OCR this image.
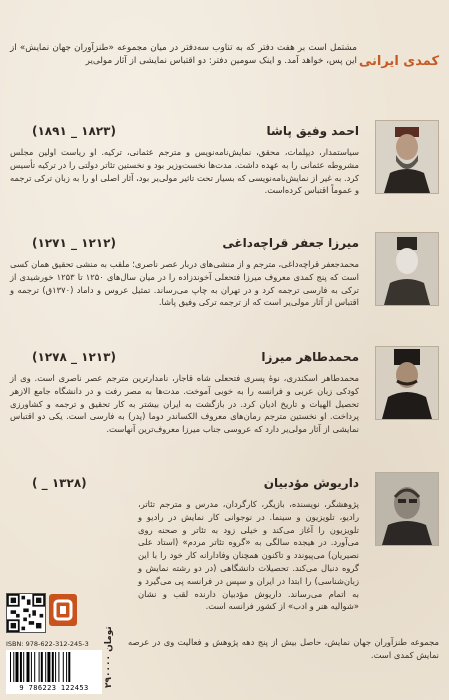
کمدی ایرانی
مشتمل است بر هفت دفتر که به تناوب سه‌دفتر در میان مجموعه «طنزآوران جهان نمایش» از این پس، خواهد آمد. و اینک سومین دفتر: دو اقتباس نمایشی از آثار مولی‌یر
احمد وفیق پاشا
(۱۸۲۳ _ ۱۸۹۱)
سیاستمدار، دیپلمات، محقق، نمایش‌نامه‌نویس و مترجم عثمانی، ترکیه. او ریاست اولین مجلس مشروطه عثمانی را به عهده داشت. مدت‌ها نخست‌وزیر بود و نخستین تئاتر دولتی را در ترکیه تأسیس کرد. به غیر از نمایش‌نامه‌نویسی که بسیار تحت تاثیر مولی‌یر بود، آثار اصلی او را به زبان ترکی ترجمه و عموماً اقتباس کرده‌است.
میرزا جعفر قراچه‌داغی
(۱۲۱۲ _ ۱۲۷۱)
محمدجعفر قراچه‌داغی، مترجم و از منشی‌های دربار عصر ناصری؛ ملقب به منشی تحقیق همان کسی است که پنج کمدی معروف میرزا فتحعلی آخوندزاده را در میان سال‌های ۱۲۵۰ تا ۱۲۵۳ خورشیدی از ترکی به فارسی ترجمه کرد و در تهران به چاپ می‌رساند. تمثیل عروس و داماد (۱۳۷۰ق) ترجمه و اقتباس از آثار مولی‌یر است که از ترجمه ترکی وفیق پاشا.
محمدطاهر میرزا
(۱۲۱۳ _ ۱۲۷۸)
محمدطاهر اسکندری، نوهٔ پسری فتحعلی شاه قاجار، نامدارترین مترجم عصر ناصری است. وی از کودکی زبان عربی و فرانسه را به خوبی آموخت. مدت‌ها به مصر رفت و در دانشگاه جامع الازهر تحصیل الهیات و تاریخ ادیان کرد. در بازگشت به ایران بیشتر به کار تحقیق و ترجمه و کشاورزی پرداخت. او نخستین مترجم رمان‌های معروف الکساندر دوما (پدر) به فارسی است. یکی دو اقتباس نمایشی از آثار مولی‌یر دارد که عروسی جناب میرزا معروف‌ترین آنهاست.
داریوش مؤدبیان
(۱۳۲۸ _ )
پژوهشگر، نویسنده، بازیگر، کارگردان، مدرس و مترجم تئاتر، رادیو، تلویزیون و سینما. در نوجوانی کار نمایش در رادیو و تلویزیون را آغاز می‌کند و خیلی زود به تئاتر و صحنه روی می‌آورد. در هیجده سالگی به «گروه تئاتر مردم» (استاد علی نصیریان) می‌پیوندد و تاکنون همچنان وفادارانه کار خود را با این گروه دنبال می‌کند. تحصیلات دانشگاهی (در دو رشته نمایش و زبان‌شناسی) را ابتدا در ایران و سپس در فرانسه پی می‌گیرد و به اتمام می‌رساند. داریوش مؤدبیان دارنده لقب و نشان «شوالیه هنر و ادب» از کشور فرانسه است.
مجموعه طنزآوران جهان نمایش، حاصل بیش از پنج دهه پژوهش و فعالیت وی در عرصه نمایش کمدی است.
ISBN: 978-622-312-245-3
9 786223 122453	۲۹۰۰۰۰ تومان
